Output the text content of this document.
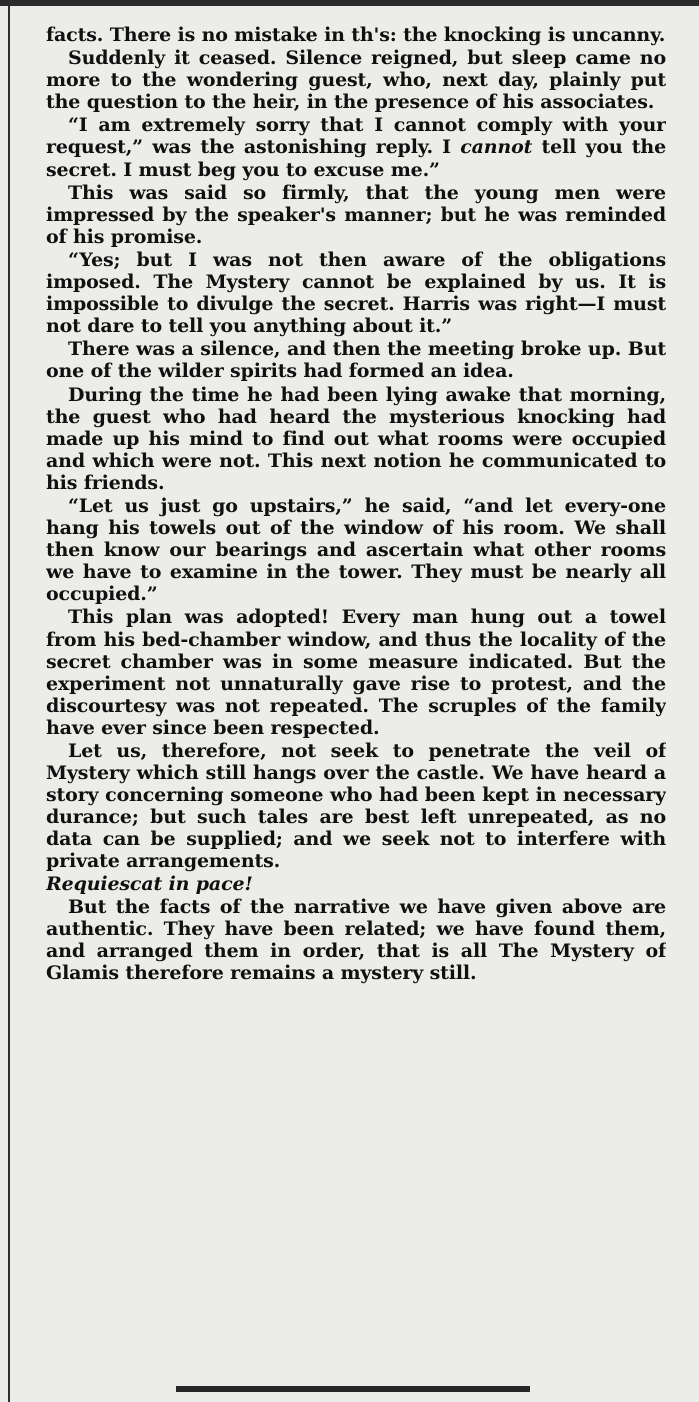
facts. There is no mistake in th's: the knocking is uncanny.

Suddenly it ceased. Silence reigned, but sleep came no more to the wondering guest, who, next day, plainly put the question to the heir, in the presence of his associates.

“I am extremely sorry that I cannot comply with your request,” was the astonishing reply. I cannot tell you the secret. I must beg you to excuse me.”

This was said so firmly, that the young men were impressed by the speaker's manner; but he was reminded of his promise.

“Yes; but I was not then aware of the obligations imposed. The Mystery cannot be explained by us. It is impossible to divulge the secret. Harris was right—I must not dare to tell you anything about it.”

There was a silence, and then the meeting broke up. But one of the wilder spirits had formed an idea.

During the time he had been lying awake that morning, the guest who had heard the mysterious knocking had made up his mind to find out what rooms were occupied and which were not. This next notion he communicated to his friends.

“Let us just go upstairs,” he said, “and let every-one hang his towels out of the window of his room. We shall then know our bearings and ascertain what other rooms we have to examine in the tower. They must be nearly all occupied.”

This plan was adopted! Every man hung out a towel from his bed-chamber window, and thus the locality of the secret chamber was in some measure indicated. But the experiment not unnaturally gave rise to protest, and the discourtesy was not repeated. The scruples of the family have ever since been respected.

Let us, therefore, not seek to penetrate the veil of Mystery which still hangs over the castle. We have heard a story concerning someone who had been kept in necessary durance; but such tales are best left unrepeated, as no data can be supplied; and we seek not to interfere with private arrangements.
Requiescat in pace!

But the facts of the narrative we have given above are authentic. They have been related; we have found them, and arranged them in order, that is all The Mystery of Glamis therefore remains a mystery still.
